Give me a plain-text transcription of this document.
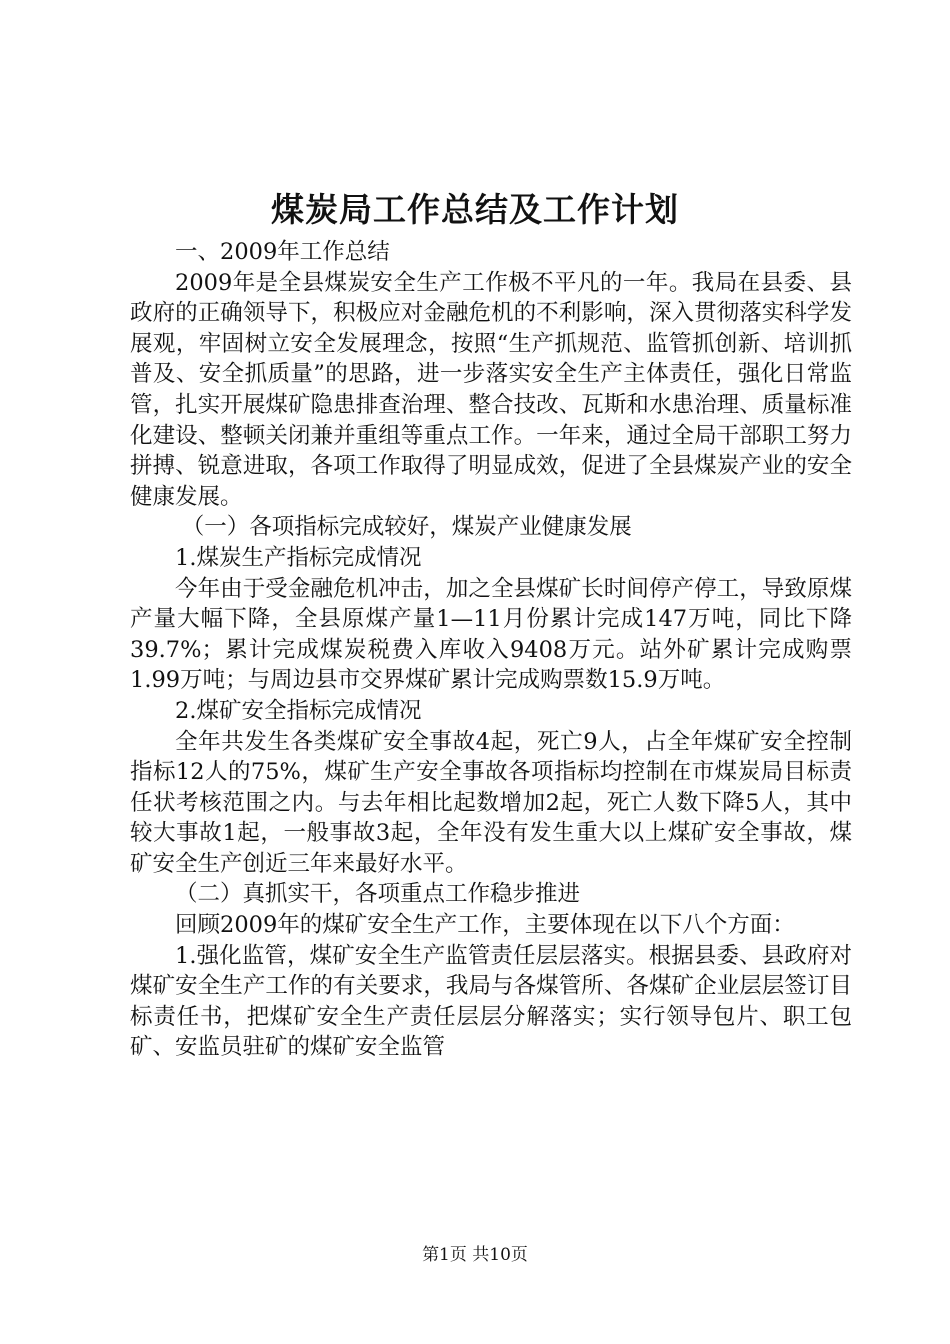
煤炭局工作总结及工作计划

一、2009年工作总结

2009年是全县煤炭安全生产工作极不平凡的一年。我局在县委、县政府的正确领导下，积极应对金融危机的不利影响，深入贯彻落实科学发展观，牢固树立安全发展理念，按照“生产抓规范、监管抓创新、培训抓普及、安全抓质量”的思路，进一步落实安全生产主体责任，强化日常监管，扎实开展煤矿隐患排查治理、整合技改、瓦斯和水患治理、质量标准化建设、整顿关闭兼并重组等重点工作。一年来，通过全局干部职工努力拼搏、锐意进取，各项工作取得了明显成效，促进了全县煤炭产业的安全健康发展。

（一）各项指标完成较好，煤炭产业健康发展

1.煤炭生产指标完成情况

今年由于受金融危机冲击，加之全县煤矿长时间停产停工，导致原煤产量大幅下降，全县原煤产量1—11月份累计完成147万吨，同比下降39.7%；累计完成煤炭税费入库收入9408万元。站外矿累计完成购票1.99万吨；与周边县市交界煤矿累计完成购票数15.9万吨。

2.煤矿安全指标完成情况

全年共发生各类煤矿安全事故4起，死亡9人，占全年煤矿安全控制指标12人的75%，煤矿生产安全事故各项指标均控制在市煤炭局目标责任状考核范围之内。与去年相比起数增加2起，死亡人数下降5人，其中较大事故1起，一般事故3起，全年没有发生重大以上煤矿安全事故，煤矿安全生产创近三年来最好水平。

（二）真抓实干，各项重点工作稳步推进

回顾2009年的煤矿安全生产工作，主要体现在以下八个方面：

1.强化监管，煤矿安全生产监管责任层层落实。根据县委、县政府对煤矿安全生产工作的有关要求，我局与各煤管所、各煤矿企业层层签订目标责任书，把煤矿安全生产责任层层分解落实；实行领导包片、职工包矿、安监员驻矿的煤矿安全监管

第1页 共10页
